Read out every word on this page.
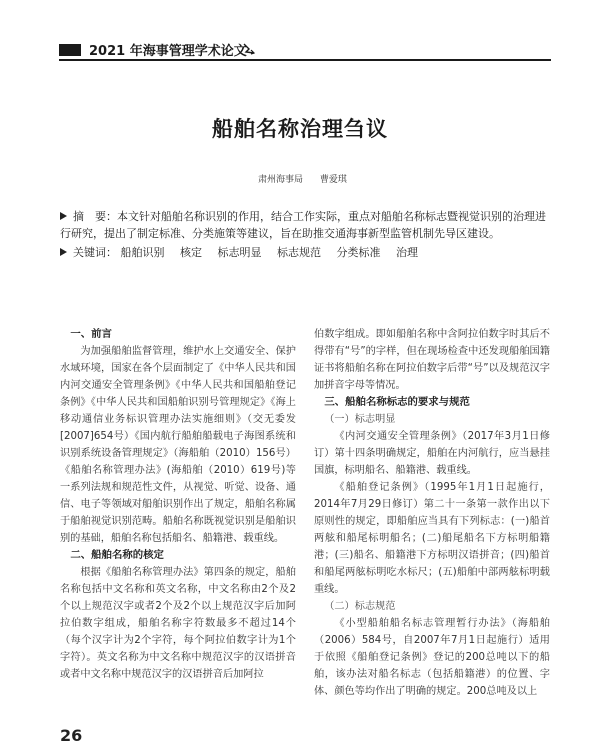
2021 年海事管理学术论文
船舶名称治理刍议
肃州海事局 曹爱琪
摘　要：本文针对船舶名称识别的作用，结合工作实际，重点对船舶名称标志暨视觉识别的治理进行研究，提出了制定标准、分类施策等建议，旨在助推交通海事新型监管机制先导区建设。
关键词： 船舶识别 核定 标志明显 标志规范 分类标准 治理
一、前言

为加强船舶监督管理，维护水上交通安全、保护水域环境，国家在各个层面制定了《中华人民共和国内河交通安全管理条例》《中华人民共和国船舶登记条例》《中华人民共和国船舶识别号管理规定》《海上移动通信业务标识管理办法实施细则》（交无委发[2007]654号）《国内航行船舶船载电子海图系统和识别系统设备管理规定》（海船舶（2010）156号）《船舶名称管理办法》(海船舶（2010）619号)等一系列法规和规范性文件，从视觉、听觉、设备、通信、电子等领域对船舶识别作出了规定，船舶名称属于船舶视觉识别范畴。船舶名称既视觉识别是船舶识别的基础，船舶名称包括船名、船籍港、载重线。

二、船舶名称的核定

根据《船舶名称管理办法》第四条的规定，船舶名称包括中文名称和英文名称，中文名称由2个及2个以上规范汉字或者2个及2个以上规范汉字后加阿拉伯数字组成，船舶名称字符数最多不超过14个（每个汉字计为2个字符，每个阿拉伯数字计为1个字符）。英文名称为中文名称中规范汉字的汉语拼音或者中文名称中规范汉字的汉语拼音后加阿拉

伯数字组成。即如船舶名称中含阿拉伯数字时其后不得带有“号”的字样，但在现场检查中还发现船舶国籍证书将船舶名称在阿拉伯数字后带“号”以及规范汉字加拼音字母等情况。

三、船舶名称标志的要求与规范
（一）标志明显

《内河交通安全管理条例》（2017年3月1日修订）第十四条明确规定，船舶在内河航行，应当悬挂国旗，标明船名、船籍港、载重线。

《船舶登记条例》（1995年1月1日起施行，2014年7月29日修订）第二十一条第一款作出以下原则性的规定，即船舶应当具有下列标志：(一)船首两舷和船尾标明船名；(二)船尾船名下方标明船籍港；(三)船名、船籍港下方标明汉语拼音；(四)船首和船尾两舷标明吃水标尺；(五)船舶中部两舷标明载重线。

（二）标志规范

《小型船舶船名标志管理暂行办法》（海船舶（2006）584号，自2007年7月1日起施行）适用于依照《船舶登记条例》登记的200总吨以下的船舶，该办法对船名标志（包括船籍港）的位置、字体、颜色等均作出了明确的规定。200总吨及以上

26
